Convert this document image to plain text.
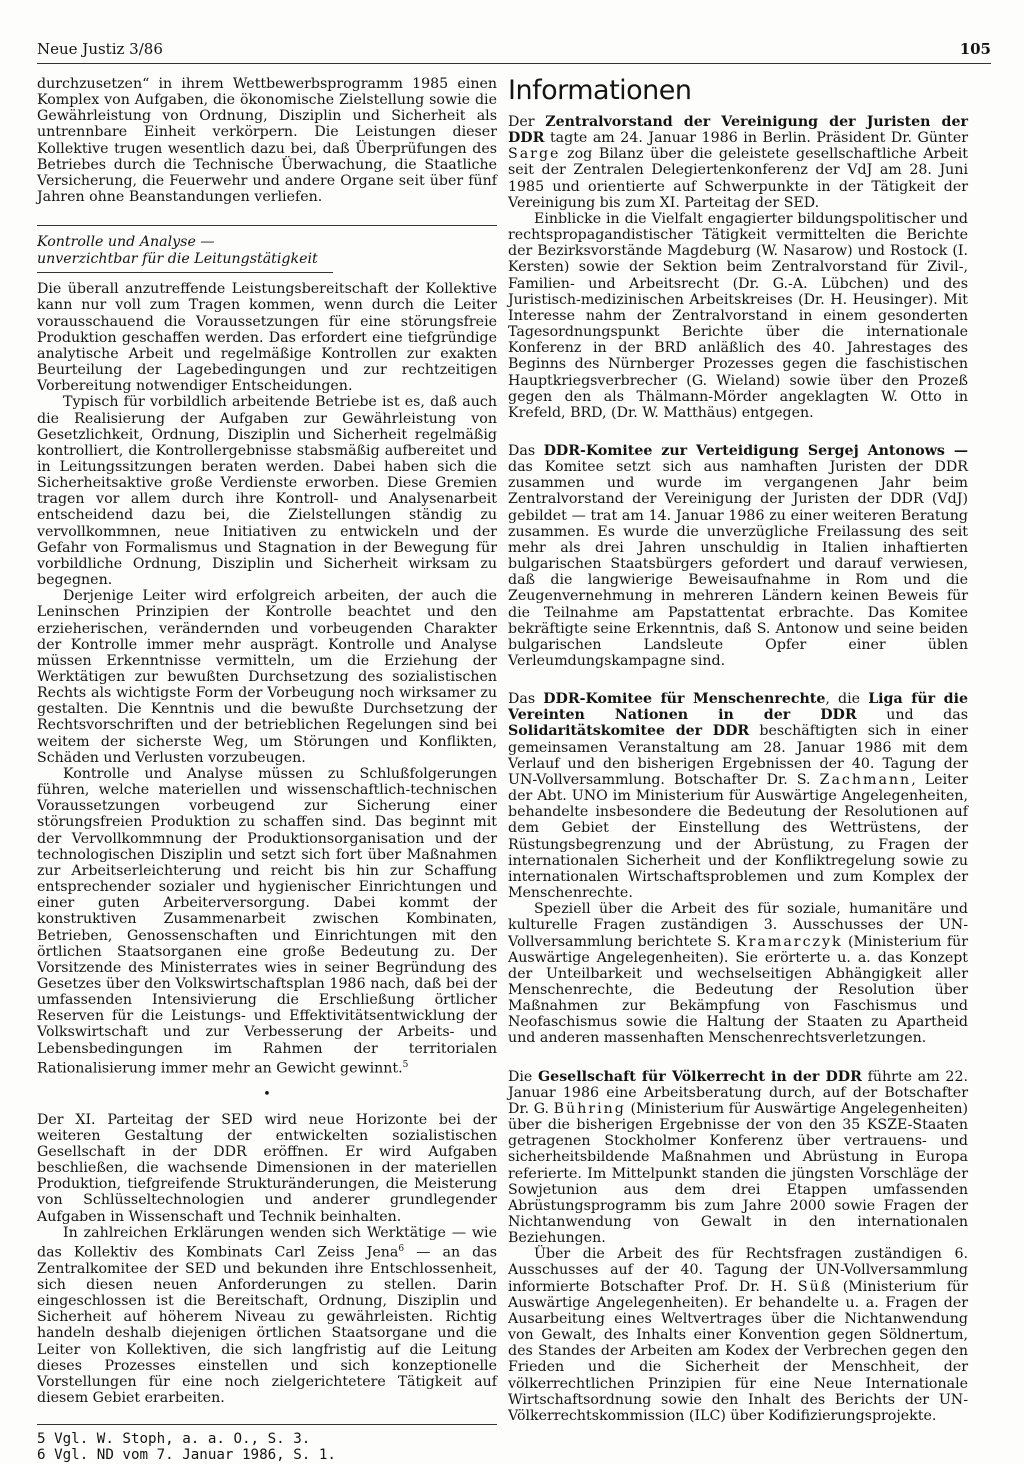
Neue Justiz 3/86	105

durchzusetzen“ in ihrem Wettbewerbsprogramm 1985 einen Komplex von Aufgaben, die ökonomische Zielstellung sowie die Gewährleistung von Ordnung, Disziplin und Sicherheit als untrennbare Einheit verkörpern. Die Leistungen dieser Kollektive trugen wesentlich dazu bei, daß Überprüfungen des Betriebes durch die Technische Überwachung, die Staatliche Versicherung, die Feuerwehr und andere Organe seit über fünf Jahren ohne Beanstandungen verliefen.

Kontrolle und Analyse —
unverzichtbar für die Leitungstätigkeit

Die überall anzutreffende Leistungsbereitschaft der Kollektive kann nur voll zum Tragen kommen, wenn durch die Leiter vorausschauend die Voraussetzungen für eine störungsfreie Produktion geschaffen werden. Das erfordert eine tiefgründige analytische Arbeit und regelmäßige Kontrollen zur exakten Beurteilung der Lagebedingungen und zur rechtzeitigen Vorbereitung notwendiger Entscheidungen.

Typisch für vorbildlich arbeitende Betriebe ist es, daß auch die Realisierung der Aufgaben zur Gewährleistung von Gesetzlichkeit, Ordnung, Disziplin und Sicherheit regelmäßig kontrolliert, die Kontrollergebnisse stabsmäßig aufbereitet und in Leitungssitzungen beraten werden. Dabei haben sich die Sicherheitsaktive große Verdienste erworben. Diese Gremien tragen vor allem durch ihre Kontroll- und Analysenarbeit entscheidend dazu bei, die Zielstellungen ständig zu vervollkommnen, neue Initiativen zu entwickeln und der Gefahr von Formalismus und Stagnation in der Bewegung für vorbildliche Ordnung, Disziplin und Sicherheit wirksam zu begegnen.

Derjenige Leiter wird erfolgreich arbeiten, der auch die Leninschen Prinzipien der Kontrolle beachtet und den erzieherischen, verändernden und vorbeugenden Charakter der Kontrolle immer mehr ausprägt. Kontrolle und Analyse müssen Erkenntnisse vermitteln, um die Erziehung der Werktätigen zur bewußten Durchsetzung des sozialistischen Rechts als wichtigste Form der Vorbeugung noch wirksamer zu gestalten. Die Kenntnis und die bewußte Durchsetzung der Rechtsvorschriften und der betrieblichen Regelungen sind bei weitem der sicherste Weg, um Störungen und Konflikten, Schäden und Verlusten vorzubeugen.

Kontrolle und Analyse müssen zu Schlußfolgerungen führen, welche materiellen und wissenschaftlich-technischen Voraussetzungen vorbeugend zur Sicherung einer störungsfreien Produktion zu schaffen sind. Das beginnt mit der Vervollkommnung der Produktionsorganisation und der technologischen Disziplin und setzt sich fort über Maßnahmen zur Arbeitserleichterung und reicht bis hin zur Schaffung entsprechender sozialer und hygienischer Einrichtungen und einer guten Arbeiterversorgung. Dabei kommt der konstruktiven Zusammenarbeit zwischen Kombinaten, Betrieben, Genossenschaften und Einrichtungen mit den örtlichen Staatsorganen eine große Bedeutung zu. Der Vorsitzende des Ministerrates wies in seiner Begründung des Gesetzes über den Volkswirtschaftsplan 1986 nach, daß bei der umfassenden Intensivierung die Erschließung örtlicher Reserven für die Leistungs- und Effektivitätsentwicklung der Volkswirtschaft und zur Verbesserung der Arbeits- und Lebensbedingungen im Rahmen der territorialen Rationalisierung immer mehr an Gewicht gewinnt.$^5$

•

Der XI. Parteitag der SED wird neue Horizonte bei der weiteren Gestaltung der entwickelten sozialistischen Gesellschaft in der DDR eröffnen. Er wird Aufgaben beschließen, die wachsende Dimensionen in der materiellen Produktion, tiefgreifende Strukturänderungen, die Meisterung von Schlüsseltechnologien und anderer grundlegender Aufgaben in Wissenschaft und Technik beinhalten.

In zahlreichen Erklärungen wenden sich Werktätige — wie das Kollektiv des Kombinats Carl Zeiss Jena$^6$ — an das Zentralkomitee der SED und bekunden ihre Entschlossenheit, sich diesen neuen Anforderungen zu stellen. Darin eingeschlossen ist die Bereitschaft, Ordnung, Disziplin und Sicherheit auf höherem Niveau zu gewährleisten. Richtig handeln deshalb diejenigen örtlichen Staatsorgane und die Leiter von Kollektiven, die sich langfristig auf die Leitung dieses Prozesses einstellen und sich konzeptionelle Vorstellungen für eine noch zielgerichtetere Tätigkeit auf diesem Gebiet erarbeiten.

5 Vgl. W. Stoph, a. a. O., S. 3.

6 Vgl. ND vom 7. Januar 1986, S. 1.

Informationen

Der Zentralvorstand der Vereinigung der Juristen der DDR tagte am 24. Januar 1986 in Berlin. Präsident Dr. Günter Sarge zog Bilanz über die geleistete gesellschaftliche Arbeit seit der Zentralen Delegiertenkonferenz der VdJ am 28. Juni 1985 und orientierte auf Schwerpunkte in der Tätigkeit der Vereinigung bis zum XI. Parteitag der SED.

Einblicke in die Vielfalt engagierter bildungspolitischer und rechtspropagandistischer Tätigkeit vermittelten die Berichte der Bezirksvorstände Magdeburg (W. Nasarow) und Rostock (I. Kersten) sowie der Sektion beim Zentralvorstand für Zivil-, Familien- und Arbeitsrecht (Dr. G.-A. Lübchen) und des Juristisch-medizinischen Arbeitskreises (Dr. H. Heusinger). Mit Interesse nahm der Zentralvorstand in einem gesonderten Tagesordnungspunkt Berichte über die internationale Konferenz in der BRD anläßlich des 40. Jahrestages des Beginns des Nürnberger Prozesses gegen die faschistischen Hauptkriegsverbrecher (G. Wieland) sowie über den Prozeß gegen den als Thälmann-Mörder angeklagten W. Otto in Krefeld, BRD, (Dr. W. Matthäus) entgegen.

Das DDR-Komitee zur Verteidigung Sergej Antonows — das Komitee setzt sich aus namhaften Juristen der DDR zusammen und wurde im vergangenen Jahr beim Zentralvorstand der Vereinigung der Juristen der DDR (VdJ) gebildet — trat am 14. Januar 1986 zu einer weiteren Beratung zusammen. Es wurde die unverzügliche Freilassung des seit mehr als drei Jahren unschuldig in Italien inhaftierten bulgarischen Staatsbürgers gefordert und darauf verwiesen, daß die langwierige Beweisaufnahme in Rom und die Zeugenvernehmung in mehreren Ländern keinen Beweis für die Teilnahme am Papstattentat erbrachte. Das Komitee bekräftigte seine Erkenntnis, daß S. Antonow und seine beiden bulgarischen Landsleute Opfer einer üblen Verleumdungskampagne sind.

Das DDR-Komitee für Menschenrechte, die Liga für die Vereinten Nationen in der DDR und das Solidaritätskomitee der DDR beschäftigten sich in einer gemeinsamen Veranstaltung am 28. Januar 1986 mit dem Verlauf und den bisherigen Ergebnissen der 40. Tagung der UN-Vollversammlung. Botschafter Dr. S. Zachmann, Leiter der Abt. UNO im Ministerium für Auswärtige Angelegenheiten, behandelte insbesondere die Bedeutung der Resolutionen auf dem Gebiet der Einstellung des Wettrüstens, der Rüstungsbegrenzung und der Abrüstung, zu Fragen der internationalen Sicherheit und der Konfliktregelung sowie zu internationalen Wirtschaftsproblemen und zum Komplex der Menschenrechte.

Speziell über die Arbeit des für soziale, humanitäre und kulturelle Fragen zuständigen 3. Ausschusses der UN-Vollversammlung berichtete S. Kramarczyk (Ministerium für Auswärtige Angelegenheiten). Sie erörterte u. a. das Konzept der Unteilbarkeit und wechselseitigen Abhängigkeit aller Menschenrechte, die Bedeutung der Resolution über Maßnahmen zur Bekämpfung von Faschismus und Neofaschismus sowie die Haltung der Staaten zu Apartheid und anderen massenhaften Menschenrechtsverletzungen.

Die Gesellschaft für Völkerrecht in der DDR führte am 22. Januar 1986 eine Arbeitsberatung durch, auf der Botschafter Dr. G. Bühring (Ministerium für Auswärtige Angelegenheiten) über die bisherigen Ergebnisse der von den 35 KSZE-Staaten getragenen Stockholmer Konferenz über vertrauens- und sicherheitsbildende Maßnahmen und Abrüstung in Europa referierte. Im Mittelpunkt standen die jüngsten Vorschläge der Sowjetunion aus dem drei Etappen umfassenden Abrüstungsprogramm bis zum Jahre 2000 sowie Fragen der Nichtanwendung von Gewalt in den internationalen Beziehungen.

Über die Arbeit des für Rechtsfragen zuständigen 6. Ausschusses auf der 40. Tagung der UN-Vollversammlung informierte Botschafter Prof. Dr. H. Süß (Ministerium für Auswärtige Angelegenheiten). Er behandelte u. a. Fragen der Ausarbeitung eines Weltvertrages über die Nichtanwendung von Gewalt, des Inhalts einer Konvention gegen Söldnertum, des Standes der Arbeiten am Kodex der Verbrechen gegen den Frieden und die Sicherheit der Menschheit, der völkerrechtlichen Prinzipien für eine Neue Internationale Wirtschaftsordnung sowie den Inhalt des Berichts der UN-Völkerrechtskommission (ILC) über Kodifizierungsprojekte.
